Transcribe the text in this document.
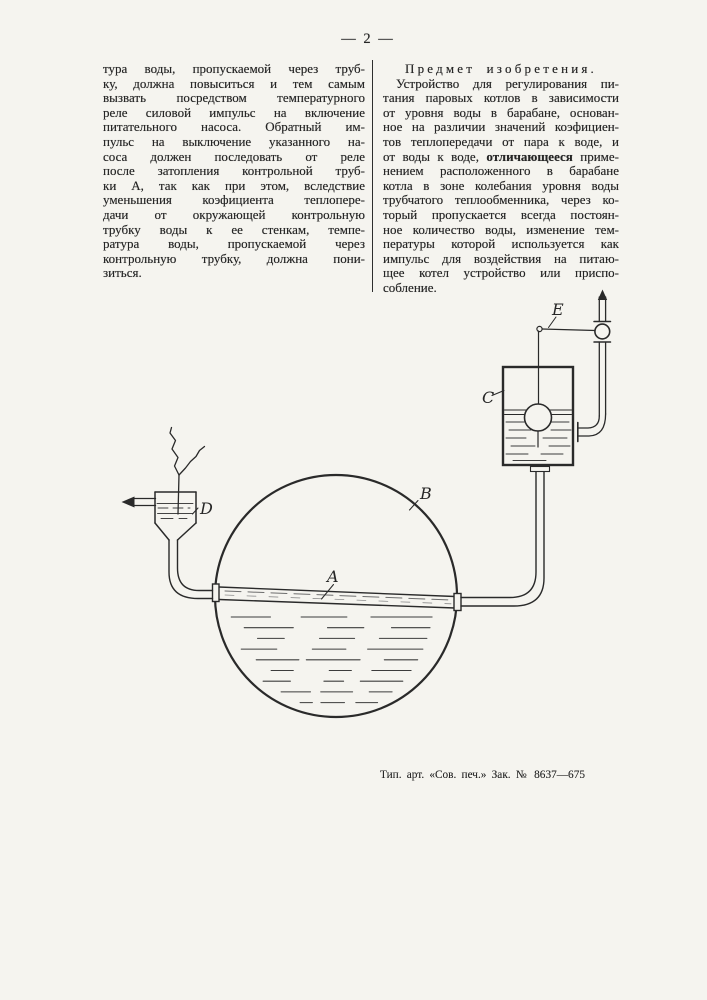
— 2 —
тура воды, пропускаемой через труб-
ку, должна повыситься и тем самым
вызвать посредством температурного
реле силовой импульс на включение
питательного насоса. Обратный им-
пульс на выключение указанного на-
соса должен последовать от реле
после затопления контрольной труб-
ки А, так как при этом, вследствие
уменьшения коэфициента теплопере-
дачи от окружающей контрольную
трубку воды к ее стенкам, темпе-
ратура воды, пропускаемой через
контрольную трубку, должна пони-
зиться.
Предмет изобретения.
Устройство для регулирования пи-
тания паровых котлов в зависимости
от уровня воды в барабане, основан-
ное на различии значений коэфициен-
тов теплопередачи от пара к воде, и
от воды к воде, отличающееся приме-
нением расположенного в барабане
котла в зоне колебания уровня воды
трубчатого теплообменника, через ко-
торый пропускается всегда постоян-
ное количество воды, изменение тем-
пературы которой используется как
импульс для воздействия на питаю-
щее котел устройство или приспо-
собление.
A
B
C
D
E
Тип. арт. «Сов. печ.» Зак. № 8637—675
